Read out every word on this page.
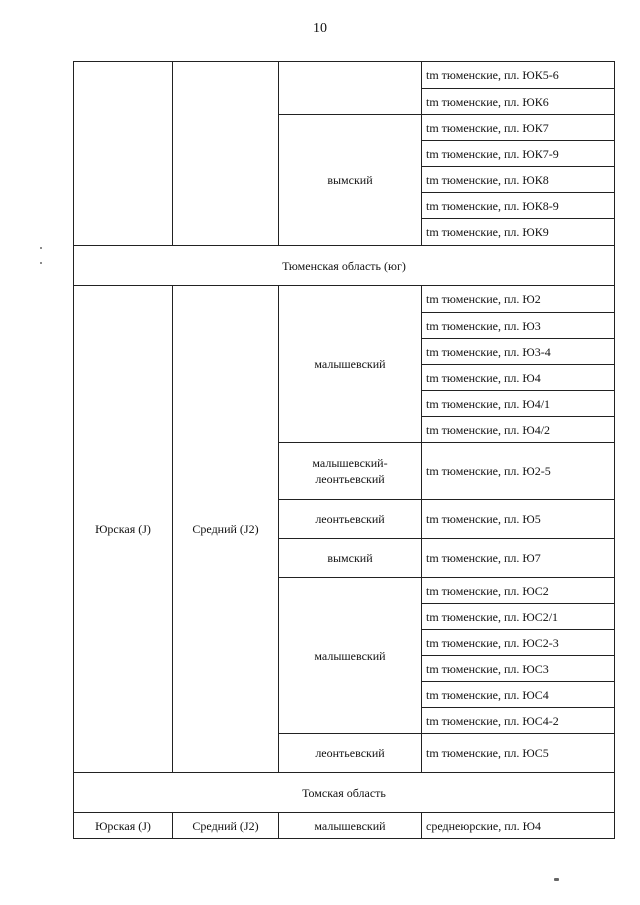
10
			tm тюменские, пл. ЮК5-6
			tm тюменские, пл. ЮК6
		вымский	tm тюменские, пл. ЮК7
			tm тюменские, пл. ЮК7-9
			tm тюменские, пл. ЮК8
			tm тюменские, пл. ЮК8-9
			tm тюменские, пл. ЮК9
Тюменская область (юг)			
Юрская (J)	Средний (J2)	малышевский	tm тюменские, пл. Ю2
			tm тюменские, пл. Ю3
			tm тюменские, пл. Ю3-4
			tm тюменские, пл. Ю4
			tm тюменские, пл. Ю4/1
			tm тюменские, пл. Ю4/2
		малышевский-
леонтьевский	tm тюменские, пл. Ю2-5
		леонтьевский	tm тюменские, пл. Ю5
		вымский	tm тюменские, пл. Ю7
		малышевский	tm тюменские, пл. ЮС2
			tm тюменские, пл. ЮС2/1
			tm тюменские, пл. ЮС2-3
			tm тюменские, пл. ЮС3
			tm тюменские, пл. ЮС4
			tm тюменские, пл. ЮС4-2
		леонтьевский	tm тюменские, пл. ЮС5
Томская область			
Юрская (J)	Средний (J2)	малышевский	среднеюрские, пл. Ю4
